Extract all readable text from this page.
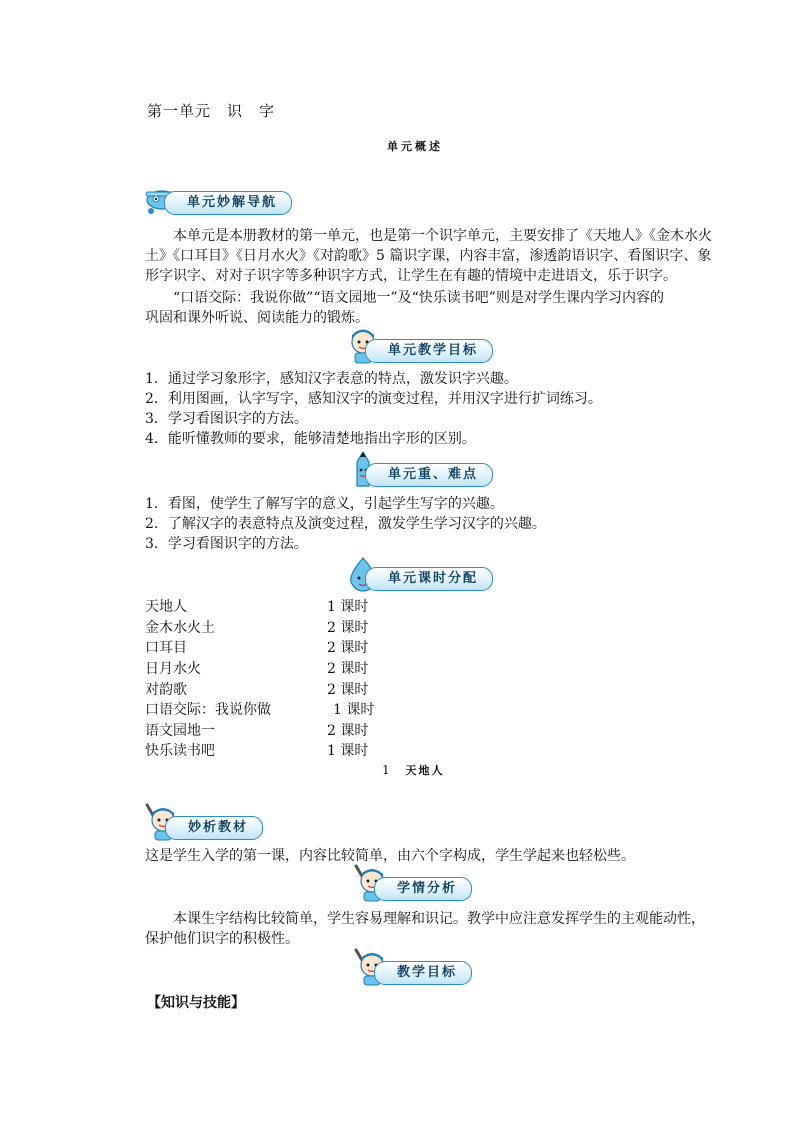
第一单元　识　字
单元概述
单元妙解导航
本单元是本册教材的第一单元，也是第一个识字单元，主要安排了《天地人》《金木水火
土》《口耳目》《日月水火》《对韵歌》5 篇识字课，内容丰富，渗透韵语识字、看图识字、象
形字识字、对对子识字等多种识字方式，让学生在有趣的情境中走进语文，乐于识字。
“口语交际：我说你做”“语文园地一”及“快乐读书吧”则是对学生课内学习内容的
巩固和课外听说、阅读能力的锻炼。
单元教学目标
1．通过学习象形字，感知汉字表意的特点，激发识字兴趣。
2．利用图画，认字写字，感知汉字的演变过程，并用汉字进行扩词练习。
3．学习看图识字的方法。
4．能听懂教师的要求，能够清楚地指出字形的区别。
单元重、难点
1．看图，使学生了解写字的意义，引起学生写字的兴趣。
2．了解汉字的表意特点及演变过程，激发学生学习汉字的兴趣。
3．学习看图识字的方法。
单元课时分配
天地人	1 课时
金木水火土	2 课时
口耳目	2 课时
日月水火	2 课时
对韵歌	2 课时
口语交际：我说你做	1 课时
语文园地一	2 课时
快乐读书吧	1 课时
1 天地人
妙析教材
这是学生入学的第一课，内容比较简单，由六个字构成，学生学起来也轻松些。
学情分析
本课生字结构比较简单，学生容易理解和识记。教学中应注意发挥学生的主观能动性，
保护他们识字的积极性。
教学目标
【知识与技能】
